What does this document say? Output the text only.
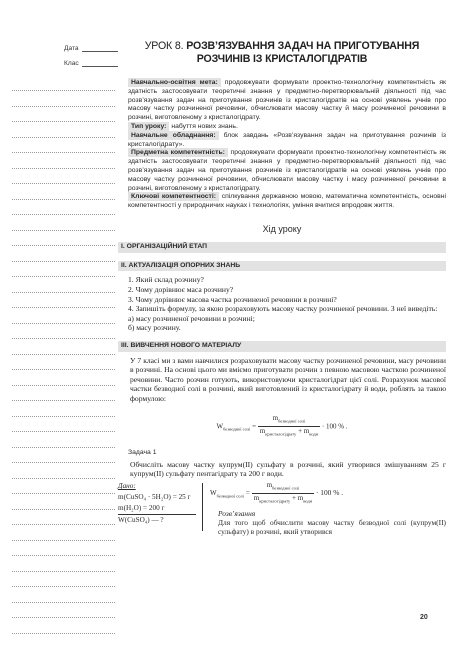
Дата
Клас
УРОК 8. РОЗВ’ЯЗУВАННЯ ЗАДАЧ НА ПРИГОТУВАННЯ РОЗЧИНІВ ІЗ КРИСТАЛОГІДРАТІВ
Навчально-освітня мета: продовжувати формувати проектно-технологічну компетентність як здатність застосовувати теоретичні знання у предметно-перетворювальній діяльності під час розв’язування задач на приготування розчинів із кристалогідратів на основі уявлень учнів про масову частку розчиненої речовини, обчислювати масову частку й масу розчиненої речовини в розчині, виготовленому з кристалогідрату.
Тип уроку: набуття нових знань.
Навчальне обладнання: блок завдань «Розв’язування задач на приготування розчинів із кристалогідрату».
Предметна компетентність: продовжувати формувати проектно-технологічну компетентність як здатність застосовувати теоретичні знання у предметно-перетворювальній діяльності під час розв’язування задач на приготування розчинів із кристалогідратів на основі уявлень учнів про масову частку розчиненої речовини, обчислювати масову частку і масу розчиненої речовини в розчині, виготовленому з кристалогідрату.
Ключові компетентності: спілкування державною мовою, математична компетентність, основні компетентності у природничих науках і технологіях, уміння вчитися впродовж життя.
Хід уроку
І. ОРГАНІЗАЦІЙНИЙ ЕТАП
ІІ. АКТУАЛІЗАЦІЯ ОПОРНИХ ЗНАНЬ
1. Який склад розчину?
2. Чому дорівнює маса розчину?
3. Чому дорівнює масова частка розчиненої речовини в розчині?
4. Запишіть формулу, за якою розраховують масову частку розчиненої речовини. З неї виведіть:
а) масу розчиненої речовини в розчині;
б) масу розчину.
ІІІ. ВИВЧЕННЯ НОВОГО МАТЕРІАЛУ
У 7 класі ми з вами навчилися розраховувати масову частку розчиненої речовини, масу речовини в розчині. На основі цього ми вміємо приготувати розчин з певною масовою часткою розчиненої речовини. Часто розчин готують, використовуючи кристалогідрат цієї солі. Розрахунок масової частки безводної солі в розчині, який виготовлений із кристалогідрату й води, роблять за такою формулою:
$W_{безводної солі} = \frac{m_{безводної солі}}{m_{кристалогідрату} + m_{води}} \cdot 100$ % .
Задача 1
Обчисліть масову частку купрум(ІІ) сульфату в розчині, який утворився змішуванням 25 г купрум(ІІ) сульфату пентагідрату та 200 г води.
Дано:
m(CuSO₄ · 5H₂O) = 25 г
m(H₂O) = 200 г
W(CuSO₄) — ?
$W_{безводної солі} = \frac{m_{безводної солі}}{m_{кристалогідрату} + m_{води}} \cdot 100$ % .
Розв’язання
Для того щоб обчислити масову частку безводної солі (купрум(ІІ) сульфату) в розчині, який утворився
20
